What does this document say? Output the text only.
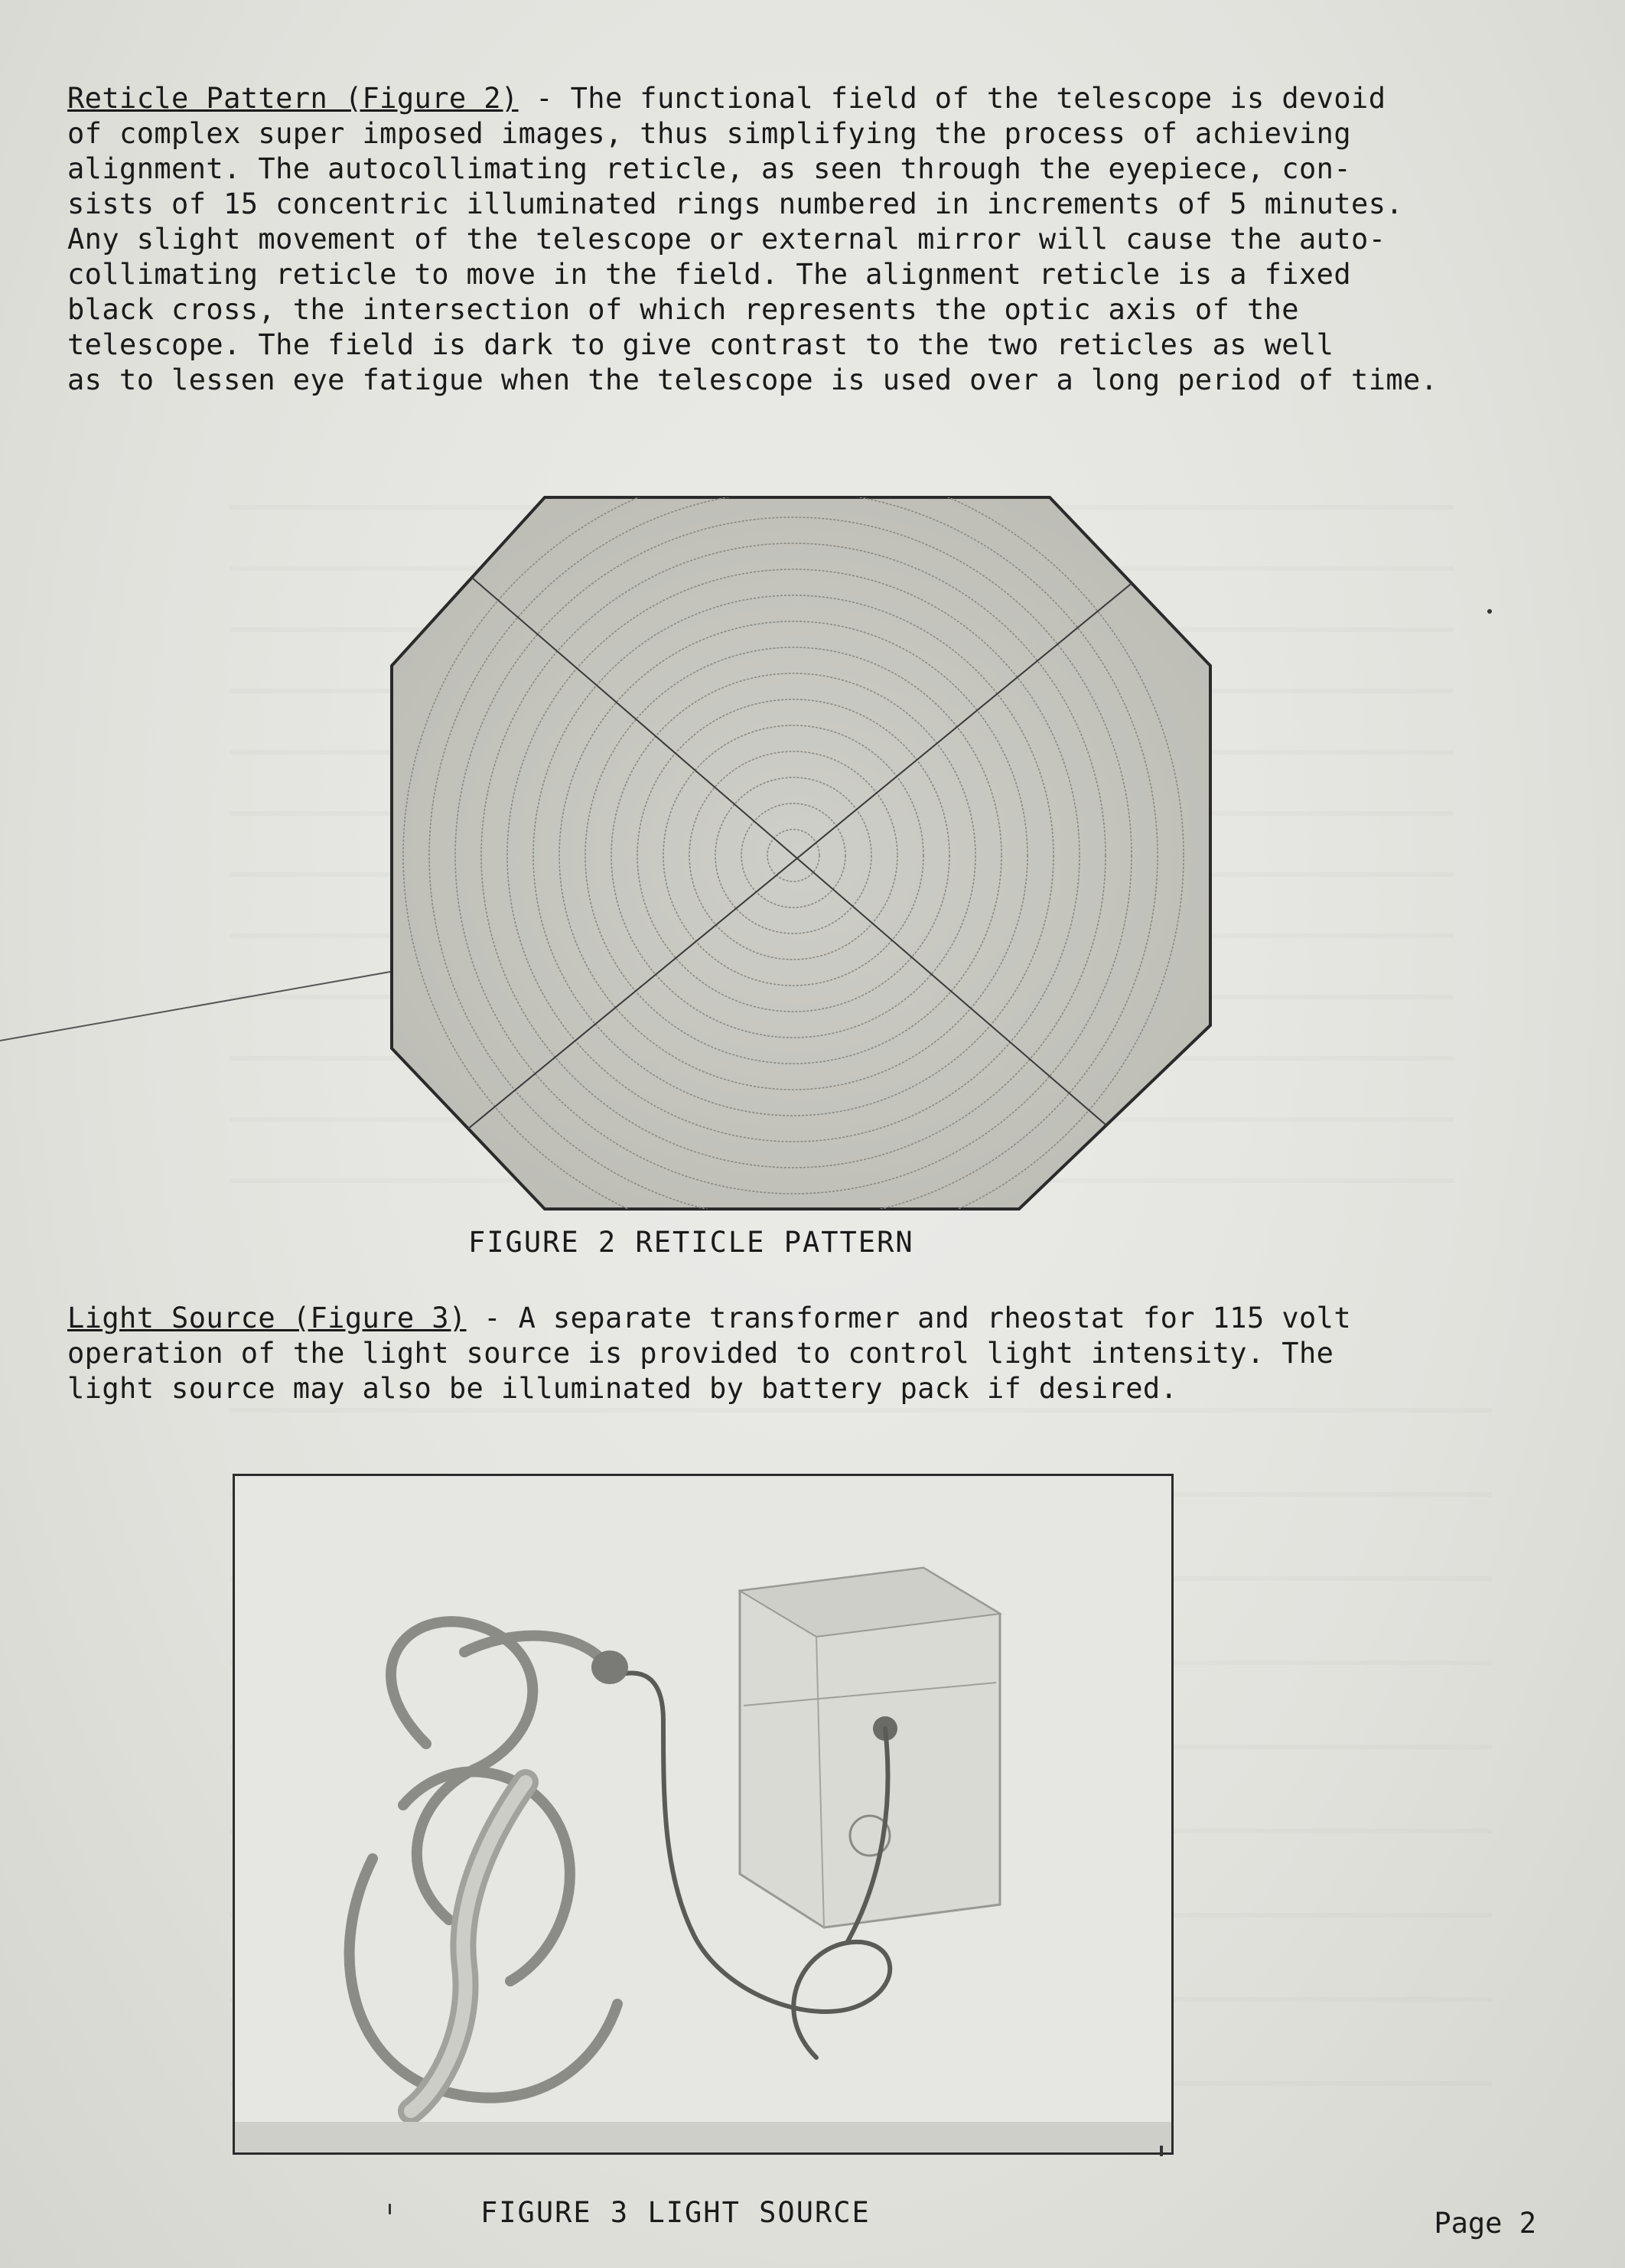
Reticle Pattern (Figure 2) - The functional field of the telescope is devoid
of complex super imposed images, thus simplifying the process of achieving
alignment. The autocollimating reticle, as seen through the eyepiece, con-
sists of 15 concentric illuminated rings numbered in increments of 5 minutes.
Any slight movement of the telescope or external mirror will cause the auto-
collimating reticle to move in the field. The alignment reticle is a fixed
black cross, the intersection of which represents the optic axis of the
telescope. The field is dark to give contrast to the two reticles as well
as to lessen eye fatigue when the telescope is used over a long period of time.

FIGURE 2 RETICLE PATTERN

Light Source (Figure 3) - A separate transformer and rheostat for 115 volt
operation of the light source is provided to control light intensity. The
light source may also be illuminated by battery pack if desired.

FIGURE 3 LIGHT SOURCE	Page 2
